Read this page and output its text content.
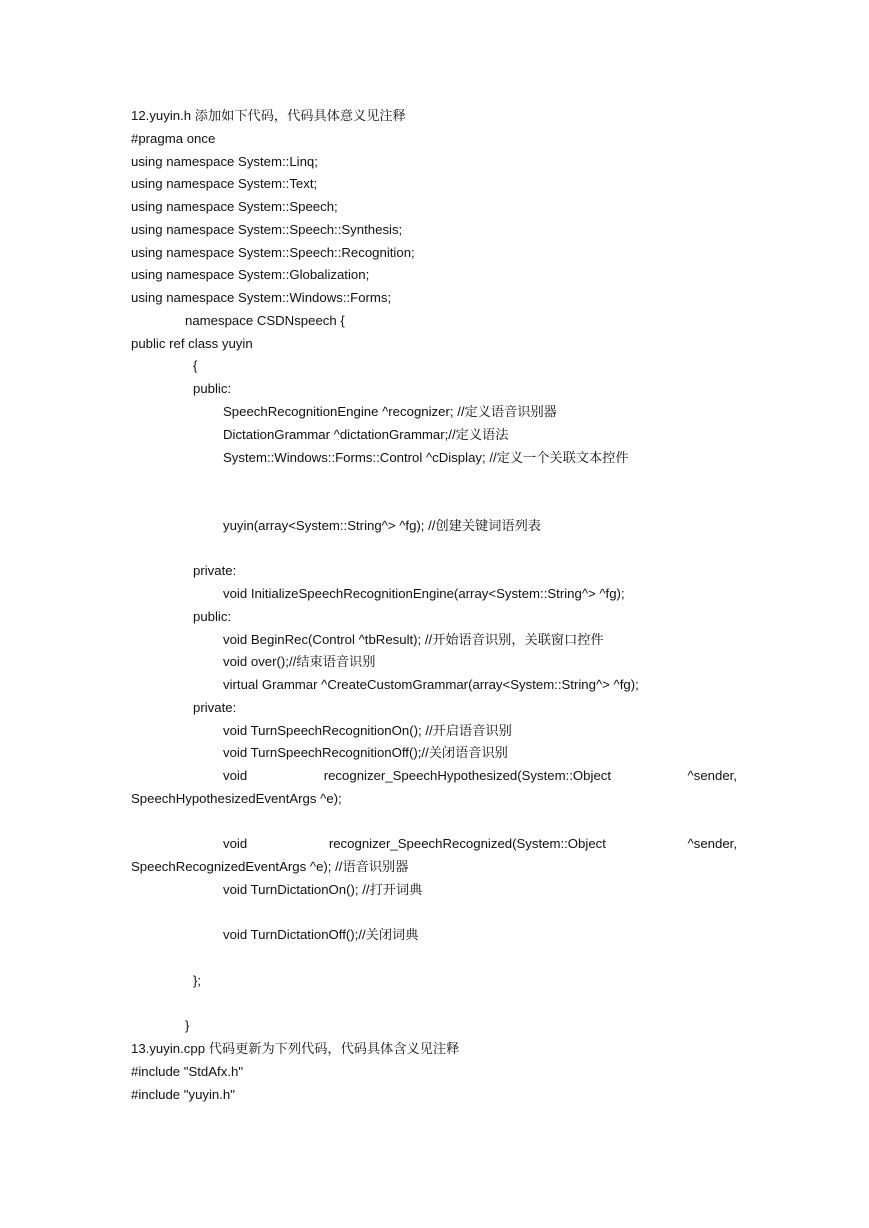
12.yuyin.h 添加如下代码，代码具体意义见注释
#pragma once
using namespace System::Linq;
using namespace System::Text;
using namespace System::Speech;
using namespace System::Speech::Synthesis;
using namespace System::Speech::Recognition;
using namespace System::Globalization;
using namespace System::Windows::Forms;
namespace CSDNspeech {
public ref class yuyin
{
public:
SpeechRecognitionEngine ^recognizer; //定义语音识别器
DictationGrammar ^dictationGrammar;//定义语法
System::Windows::Forms::Control ^cDisplay; //定义一个关联文本控件
yuyin(array<System::String^> ^fg); //创建关键词语列表
private:
void InitializeSpeechRecognitionEngine(array<System::String^> ^fg);
public:
void BeginRec(Control ^tbResult); //开始语音识别，关联窗口控件
void over();//结束语音识别
virtual Grammar ^CreateCustomGrammar(array<System::String^> ^fg);
private:
void TurnSpeechRecognitionOn(); //开启语音识别
void TurnSpeechRecognitionOff();//关闭语音识别
void	recognizer_SpeechHypothesized(System::Object	^sender,
SpeechHypothesizedEventArgs ^e);
void	recognizer_SpeechRecognized(System::Object	^sender,
SpeechRecognizedEventArgs ^e); //语音识别器
void TurnDictationOn(); //打开词典
void TurnDictationOff();//关闭词典
};
}
13.yuyin.cpp 代码更新为下列代码，代码具体含义见注释
#include "StdAfx.h"
#include "yuyin.h"
